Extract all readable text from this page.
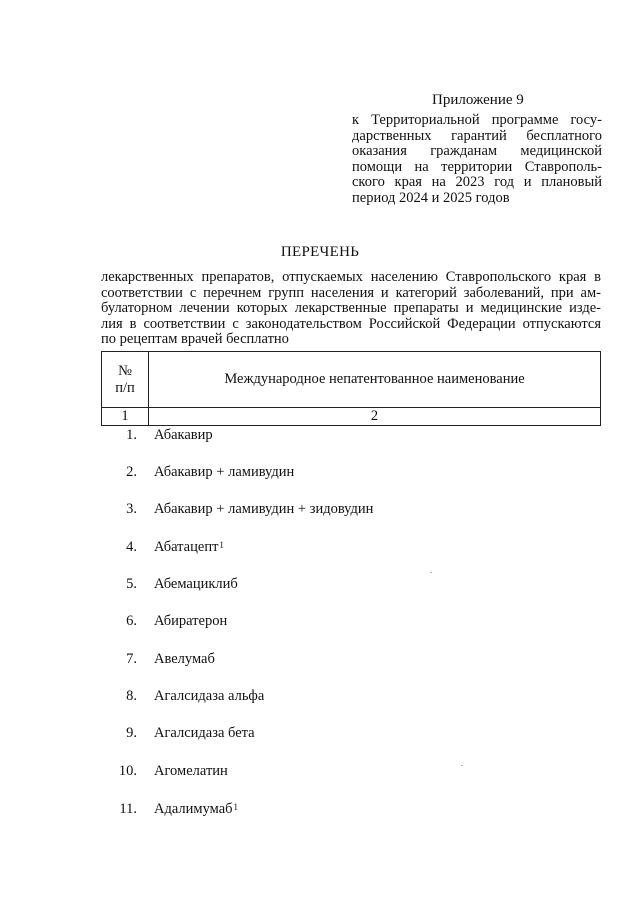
Приложение 9
к Территориальной программе госу-
дарственных гарантий бесплатного
оказания гражданам медицинской
помощи на территории Ставрополь-
ского края на 2023 год и плановый
период 2024 и 2025 годов
ПЕРЕЧЕНЬ
лекарственных препаратов, отпускаемых населению Ставропольского края в
соответствии с перечнем групп населения и категорий заболеваний, при ам-
булаторном лечении которых лекарственные препараты и медицинские изде-
лия в соответствии с законодательством Российской Федерации отпускаются
по рецептам врачей бесплатно
№
п/п
Международное непатентованное наименование
1	2
1. Абакавир
2. Абакавир + ламивудин
3. Абакавир + ламивудин + зидовудин
4. Абатацепт$^1$
5. Абемациклиб
6. Абиратерон
7. Авелумаб
8. Агалсидаза альфа
9. Агалсидаза бета
10. Агомелатин
11. Адалимумаб$^1$
